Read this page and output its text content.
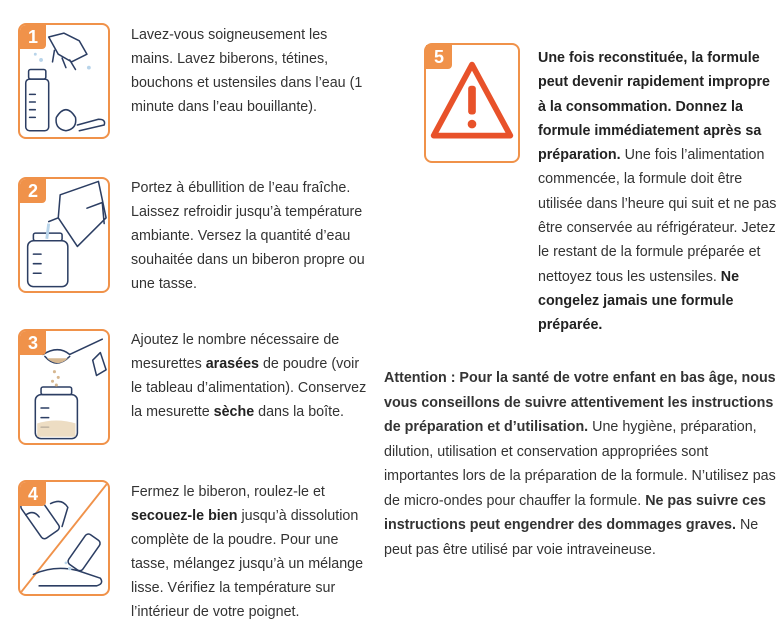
1	Lavez-vous soigneusement les mains. Lavez biberons, tétines, bouchons et ustensiles dans l’eau (1 minute dans l’eau bouillante).
2	Portez à ébullition de l’eau fraîche. Laissez refroidir jusqu’à température ambiante. Versez la quantité d’eau souhaitée dans un biberon propre ou une tasse.
3	Ajoutez le nombre nécessaire de mesurettes arasées de poudre (voir le tableau d’alimentation). Conservez la mesurette sèche dans la boîte.
4	Fermez le biberon, roulez-le et secouez-le bien jusqu’à dissolution complète de la poudre. Pour une tasse, mélangez jusqu’à un mélange lisse. Vérifiez la température sur l’intérieur de votre poignet.
5	Une fois reconstituée, la formule peut devenir rapidement impropre à la consommation. Donnez la formule immédiatement après sa préparation. Une fois l’alimentation commencée, la formule doit être utilisée dans l’heure qui suit et ne pas être conservée au réfrigérateur. Jetez le restant de la formule préparée et nettoyez tous les ustensiles. Ne congelez jamais une formule préparée.
Attention : Pour la santé de votre enfant en bas âge, nous vous conseillons de suivre attentivement les instructions de préparation et d’utilisation. Une hygiène, préparation, dilution, utilisation et conservation appropriées sont importantes lors de la préparation de la formule. N’utilisez pas de micro-ondes pour chauffer la formule. Ne pas suivre ces instructions peut engendrer des dommages graves. Ne peut pas être utilisé par voie intraveineuse.
